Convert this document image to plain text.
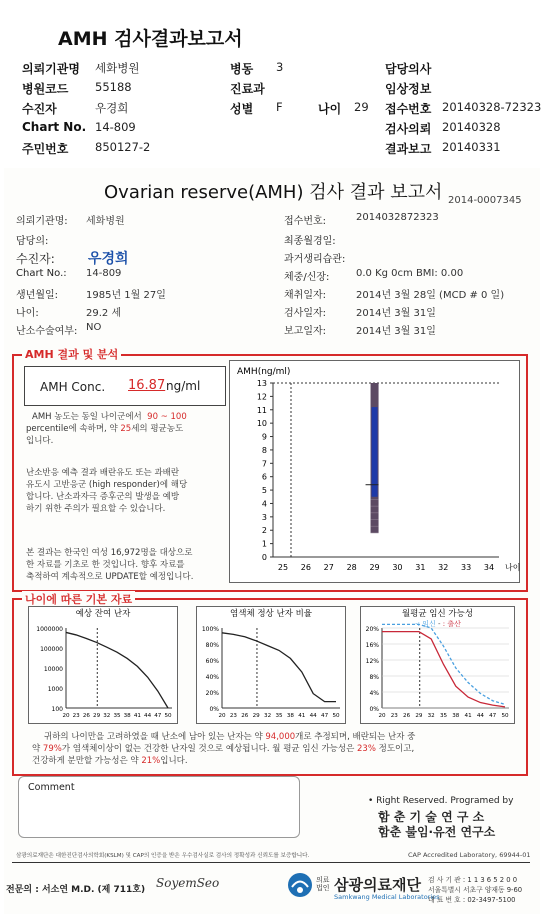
AMH 검사결과보고서
의뢰기관명 세화병원	병동 3	담당의사
병원코드 55188	진료과	임상정보
수진자	우경희	성별 F	나이 29 접수번호 20140328-72323
Chart No. 14-809	검사의뢰 20140328
주민번호 850127-2	결과보고 20140331
Ovarian reserve(AMH) 검사 결과 보고서 2014-0007345
의뢰기관명: 세화병원
담당의:
수진자: 우경희
Chart No.: 14-809
생년월일:	1985년 1월 27일
나이:	29.2 세
난소수술여부: NO
접수번호:	2014032872323
최종월경일:
과거생리습관:
체중/신장:	0.0 Kg 0cm BMI: 0.00
채취일자:	2014년 3월 28일 (MCD # 0 일)
검사일자:	2014년 3월 31일
보고일자:	2014년 3월 31일
AMH 결과 및 분석
AMH Conc. 16.87 ng/ml
AMH 농도는 동일 나이군에서 90 ~ 100
percentile에 속하며, 약 25세의 평균농도
입니다.
난소반응 예측 결과 배란유도 또는 과배란
유도시 고반응군 (high responder)에 해당
합니다. 난소과자극 증후군의 발생을 예방
하기 위한 주의가 필요할 수 있습니다.
본 결과는 한국인 여성 16,972명을 대상으로
한 자료를 기초로 한 것입니다. 향후 자료를
축적하여 계속적으로 UPDATE할 예정입니다.
AMH(ng/ml)
0
1
2
3
4
5
6
7
8
9
10
11
12
13
25 26 27 28 29 30 31 32 33 34 나이
나이에 따른 기본 자료
예상 잔여 난자
1000000
100000
10000
1000
100
20 23 26 29 32 35 38 41 44 47 50
염색체 정상 난자 비율
100%
80%
60%
40%
20%
0%
20 23 26 29 32 35 38 41 44 47 50
월평균 임신 가능성
20%
16%
12%
8%
4%
0%
20 23 26 29 32 35 38 41 44 47 50
-: 임신 - : 출산
귀하의 나이만을 고려하였을 때 난소에 남아 있는 난자는 약 94,000개로 추정되며, 배란되는 난자 중
약 79%가 염색체이상이 없는 건강한 난자일 것으로 예상됩니다. 월 평균 임신 가능성은 23% 정도이고,
건강하게 분만할 가능성은 약 21%입니다.
Comment
• Right Reserved. Programed by
함 춘 기 술 연 구 소
함춘 불임·유전 연구소
삼광의료재단은 대한진단검사의학회(KSLM) 및 CAP의 인증을 받은 우수검사실로 검사의 정확성과 신뢰도를 보증합니다.	CAP Accredited Laboratory, 69944-01
전문의 : 서소연 M.D. (제 711호) SoyemSeo	의료 법인 삼광의료재단
Samkwang Medical Laboratories
검 사 기 관 : 1 1 3 6 5 2 0 0
서울특별시 서초구 양재동 9-60
대 표 번 호 : 02-3497-5100
